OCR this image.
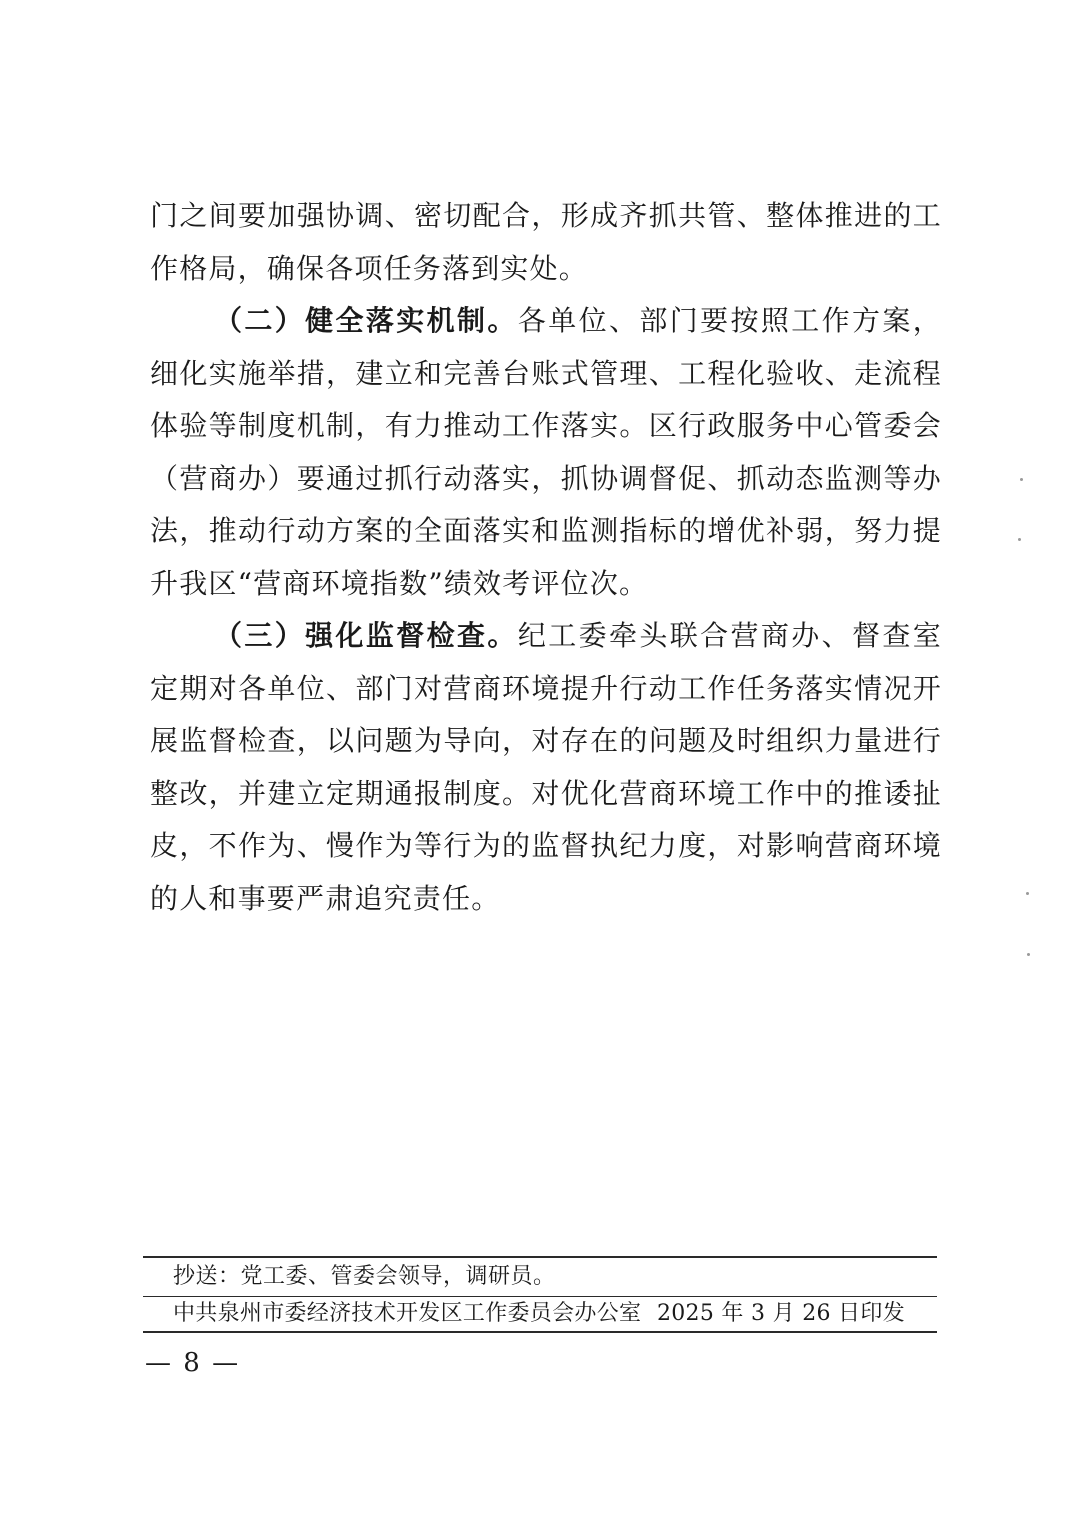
门之间要加强协调、密切配合，形成齐抓共管、整体推进的工作格局，确保各项任务落到实处。

（二）健全落实机制。各单位、部门要按照工作方案，细化实施举措，建立和完善台账式管理、工程化验收、走流程体验等制度机制，有力推动工作落实。区行政服务中心管委会（营商办）要通过抓行动落实，抓协调督促、抓动态监测等办法，推动行动方案的全面落实和监测指标的增优补弱，努力提升我区“营商环境指数”绩效考评位次。

（三）强化监督检查。纪工委牵头联合营商办、督查室定期对各单位、部门对营商环境提升行动工作任务落实情况开展监督检查，以问题为导向，对存在的问题及时组织力量进行整改，并建立定期通报制度。对优化营商环境工作中的推诿扯皮，不作为、慢作为等行为的监督执纪力度，对影响营商环境的人和事要严肃追究责任。

抄送：党工委、管委会领导，调研员。
中共泉州市委经济技术开发区工作委员会办公室 2025 年 3 月 26 日印发
— 8 —
